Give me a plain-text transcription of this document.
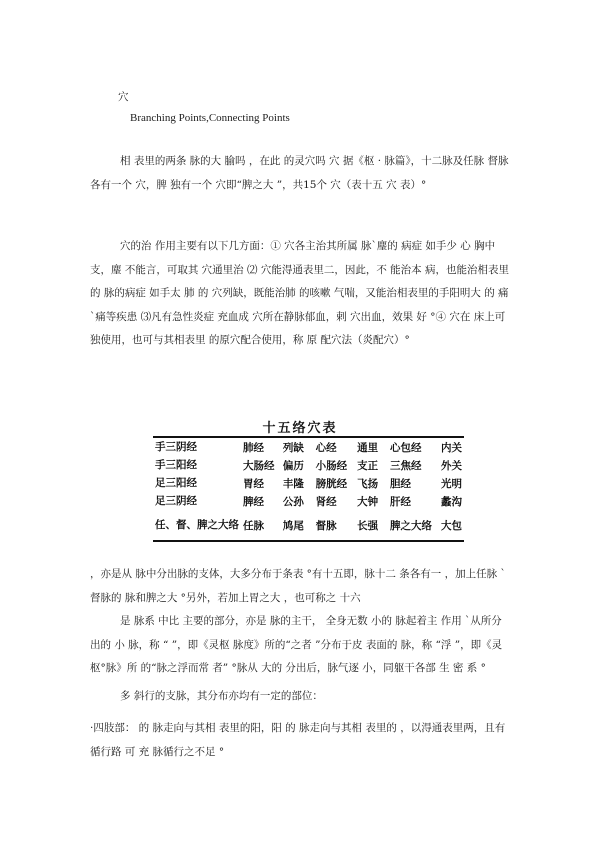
穴
Branching Points,Connecting Points
相 表里的两条 脉的大 腧吗 ，在此 的灵穴吗 穴 据《枢 · 脉篇》，十二脉及任脉 督脉各有一个 穴，脾 独有一个 穴即“脾之大 ”，共15个 穴（表十五 穴 表）°
穴的治 作用主要有以下几方面：① 穴各主治其所属 脉`麈的 病症 如手少 心 胸中支，麈 不能言，可取其 穴通里治 ⑵ 穴能淂通表里二，因此，不 能治本 病，也能治相表里的 脉的病症 如手太 肺 的 穴列缺，既能治肺 的咳嗽 气喘，又能治相表里的手阳明大 的 痛 `痛等疾患 ⑶凡有急性炎症 充血成 穴所在静脉郁血，剌 穴出血，效果 好 °④ 穴在 床上可 独使用，也可与其相表里 的原穴配合使用，称 原 配穴法（炎配穴）°
十五络穴表
手三阴经	肺经	列缺	心经	通里	心包经	内关
手三阳经	大肠经	偏历	小肠经	支正	三焦经	外关
足三阳经	胃经	丰隆	膀胱经	飞扬	胆经	光明
足三阴经	脾经	公孙	肾经	大钟	肝经	蠡沟
任、督、脾之大络	任脉	鸠尾	督脉	长强	脾之大络	大包
，亦是从 脉中分出脉的支体，大多分布于条表 °有十五即，脉十二 条各有一 ，加上任脉 `督脉的 脉和脾之大 °另外，若加上胃之大 ，也可称之 十六
是 脉系 中比 主要的部分，亦是 脉的主干， 全身无数 小的 脉起着主 作用 `从所分出的 小 脉，称 “ ”，即《灵枢 脉度》所的“之者 ”分布于皮 表面的 脉，称 “浮 ”，即《灵枢°脉》所 的“脉之浮而常 者” °脉从 大的 分出后，脉气逐 小，同躯干各部 生 密 系 °
多 斜行的支脉，其分布亦均有一定的部位：
·四肢部： 的 脉走向与其相 表里的阳，阳 的 脉走向与其相 表里的 ，以淂通表里两，且有循行路 可 充 脉循行之不足 °
